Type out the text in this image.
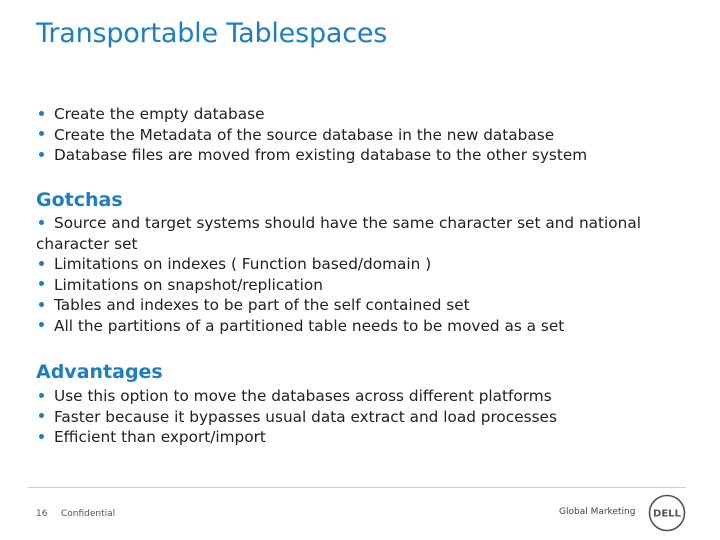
Transportable Tablespaces
Create the empty database
Create the Metadata of the source database in the new database
Database files are moved from existing database to the other system
Gotchas
Source and target systems should have the same character set and national character set
Limitations on indexes ( Function based/domain )
Limitations on snapshot/replication
Tables and indexes to be part of the self contained set
All the partitions of a partitioned table needs to be moved as a set
Advantages
Use this option to move the databases across different platforms
Faster because it bypasses usual data extract and load processes
Efficient than export/import
16 Confidential	Global Marketing DELL
